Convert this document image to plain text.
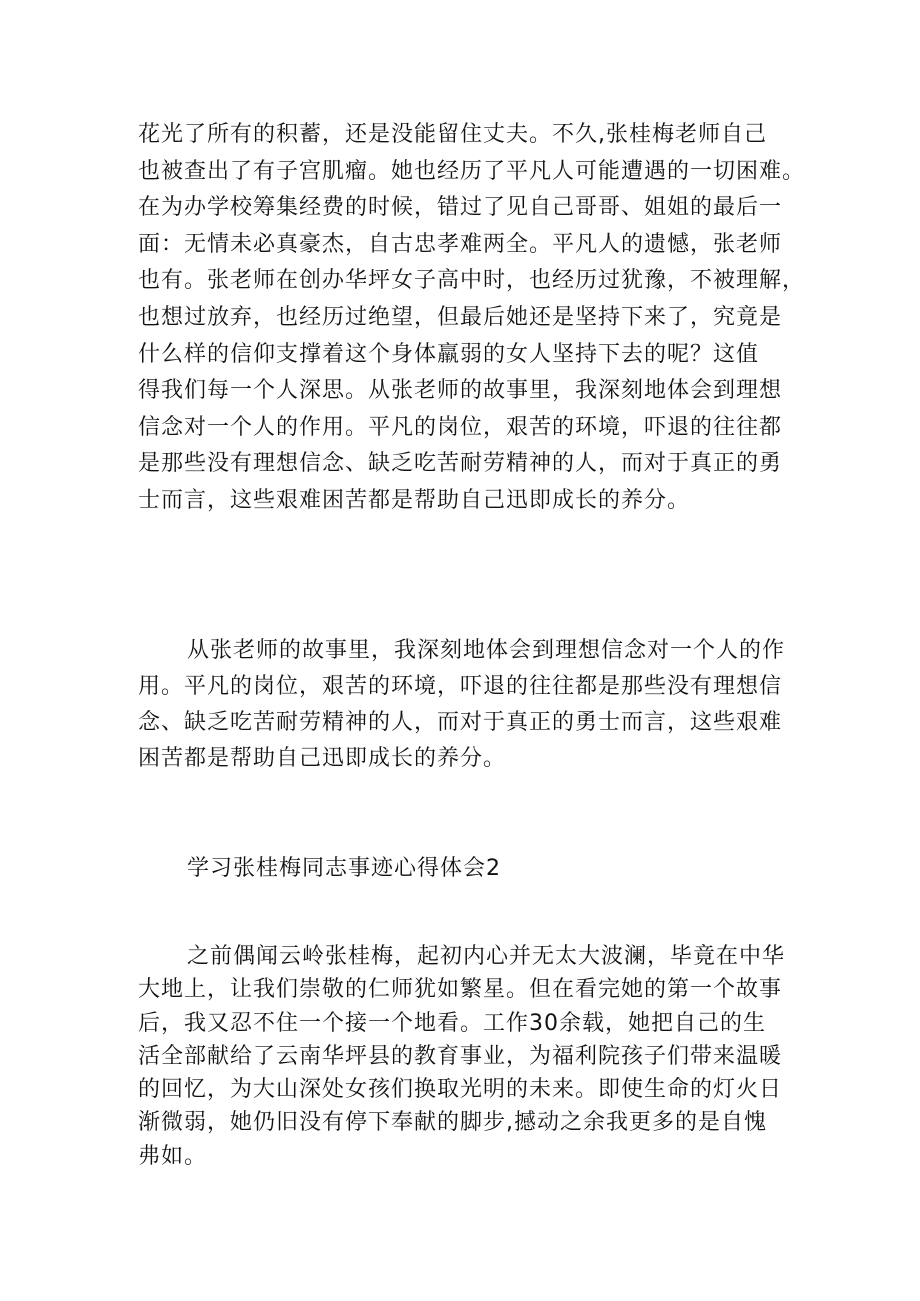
花光了所有的积蓄，还是没能留住丈夫。不久,张桂梅老师自己
也被查出了有子宫肌瘤。她也经历了平凡人可能遭遇的一切困难。
在为办学校筹集经费的时候，错过了见自己哥哥、姐姐的最后一
面：无情未必真豪杰，自古忠孝难两全。平凡人的遗憾，张老师
也有。张老师在创办华坪女子高中时，也经历过犹豫，不被理解，
也想过放弃，也经历过绝望，但最后她还是坚持下来了，究竟是
什么样的信仰支撑着这个身体羸弱的女人坚持下去的呢？这值
得我们每一个人深思。从张老师的故事里，我深刻地体会到理想
信念对一个人的作用。平凡的岗位，艰苦的环境，吓退的往往都
是那些没有理想信念、缺乏吃苦耐劳精神的人，而对于真正的勇
士而言，这些艰难困苦都是帮助自己迅即成长的养分。
从张老师的故事里，我深刻地体会到理想信念对一个人的作
用。平凡的岗位，艰苦的环境，吓退的往往都是那些没有理想信
念、缺乏吃苦耐劳精神的人，而对于真正的勇士而言，这些艰难
困苦都是帮助自己迅即成长的养分。
学习张桂梅同志事迹心得体会2
之前偶闻云岭张桂梅，起初内心并无太大波澜，毕竟在中华
大地上，让我们崇敬的仁师犹如繁星。但在看完她的第一个故事
后，我又忍不住一个接一个地看。工作30余载，她把自己的生
活全部献给了云南华坪县的教育事业，为福利院孩子们带来温暖
的回忆，为大山深处女孩们换取光明的未来。即使生命的灯火日
渐微弱，她仍旧没有停下奉献的脚步,撼动之余我更多的是自愧
弗如。
